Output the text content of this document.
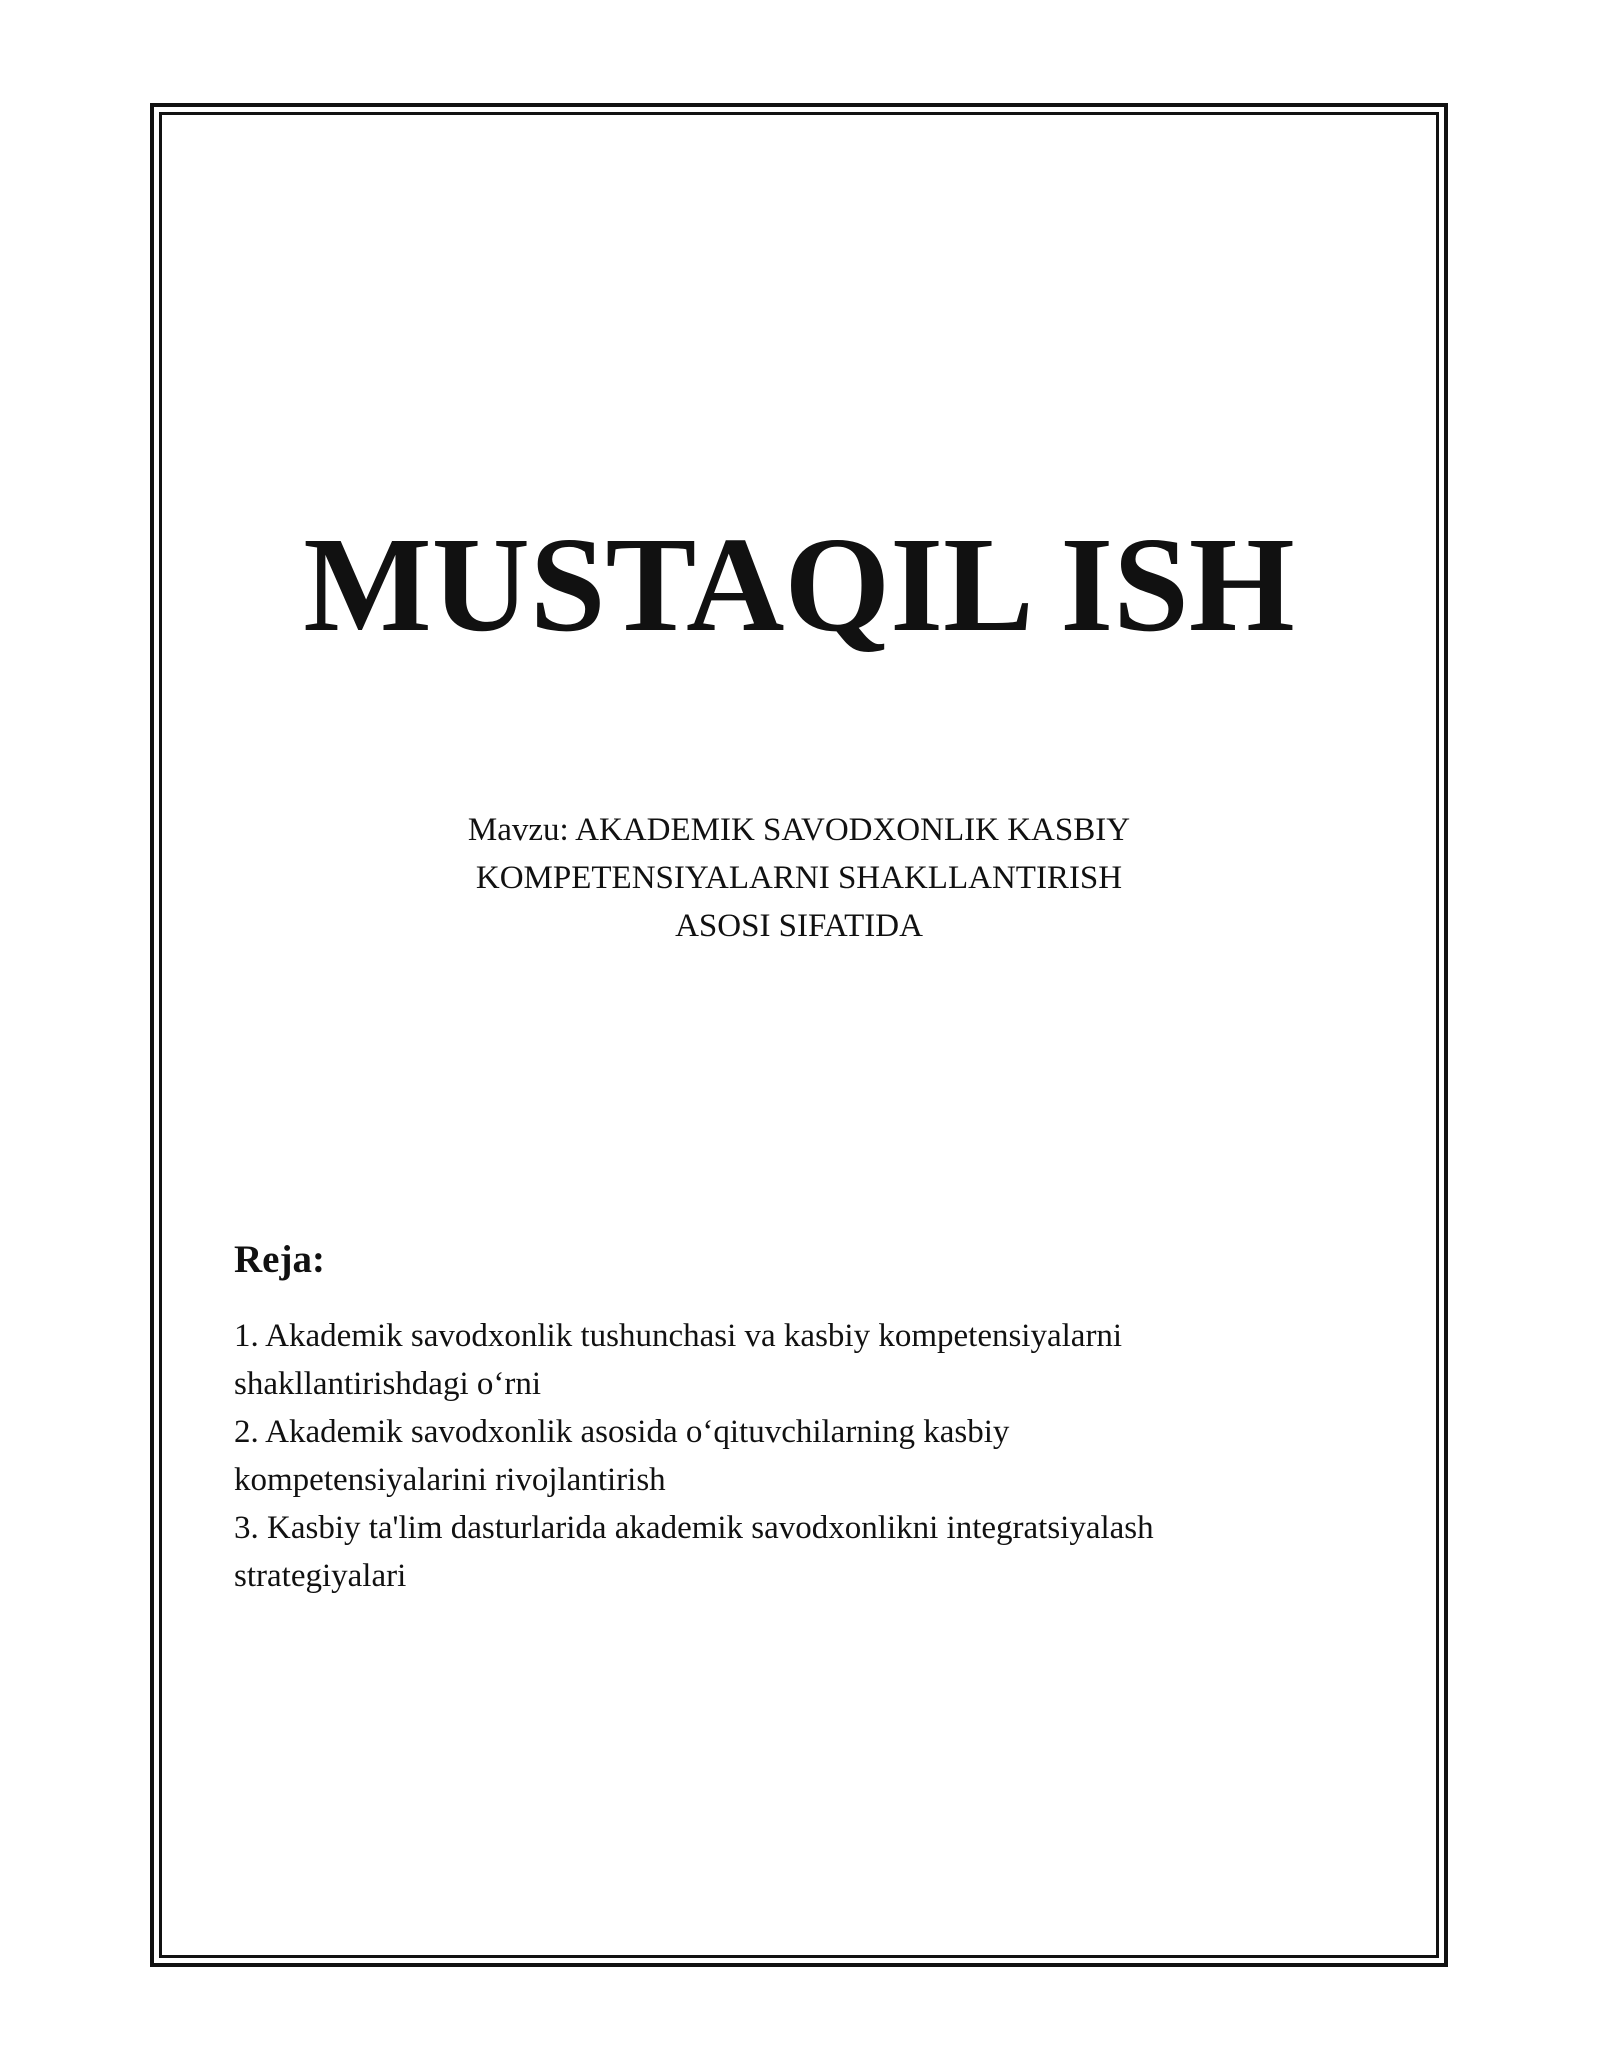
MUSTAQIL ISH

Mavzu: AKADEMIK SAVODXONLIK KASBIY
KOMPETENSIYALARNI SHAKLLANTIRISH
ASOSI SIFATIDA

Reja:
1. Akademik savodxonlik tushunchasi va kasbiy kompetensiyalarni
shakllantirishdagi o‘rni
2. Akademik savodxonlik asosida o‘qituvchilarning kasbiy
kompetensiyalarini rivojlantirish
3. Kasbiy ta'lim dasturlarida akademik savodxonlikni integratsiyalash
strategiyalari
